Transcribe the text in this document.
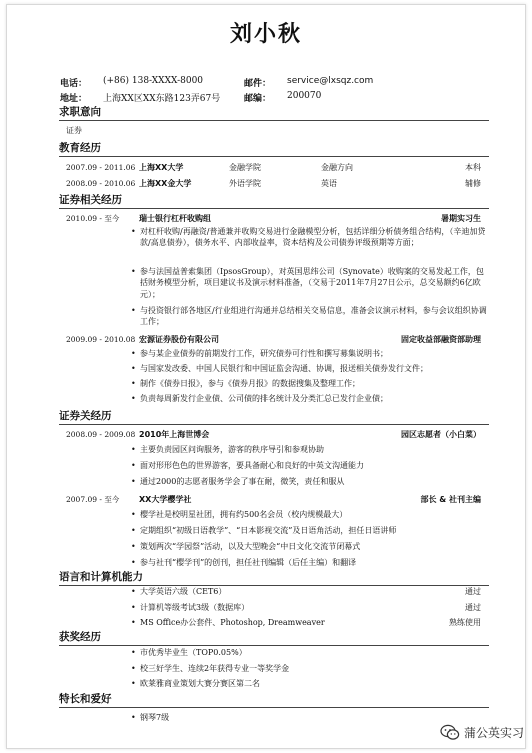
刘小秋
电话： (+86) 138-XXXX-8000	邮件： service@lxsqz.com
地址： 上海XX区XX东路123弄67号	邮编： 200070
求职意向
证券
教育经历
2007.09 - 2011.06 上海XX大学	金融学院	金融方向	本科
2008.09 - 2010.06 上海XX金大学	外语学院	英语	辅修
证券相关经历
2010.09 - 至今 瑞士银行杠杆收购组	暑期实习生
• 对杠杆收购/再融资/普通兼并收购交易进行金融模型分析，包括详细分析债务组合结构，（辛迪加贷款/高息债券），债务水平、内部收益率，资本结构及公司债券评级预期等方面；
• 参与法国益普索集团（IpsosGroup），对英国思纬公司（Synovate）收购案的交易发起工作，包括财务模型分析，项目建议书及演示材料准备，（交易于2011年7月27日公示，总交易额约6亿欧元）；
• 与投资银行部各地区/行业组进行沟通并总结相关交易信息，准备会议演示材料，参与会议组织协调工作；
2009.09 - 2010.08 宏源证券股份有限公司	固定收益部融资部助理
• 参与某企业债券的前期发行工作，研究债券可行性和撰写募集说明书；
• 与国家发改委、中国人民银行和中国证监会沟通、协调，报送相关债券发行文件；
• 制作《债券日报》，参与《债券月报》的数据搜集及整理工作；
• 负责每周新发行企业债、公司债的排名统计及分类汇总已发行企业债；
证券关经历
2008.09 - 2009.08 2010年上海世博会	园区志愿者（小白菜）
• 主要负责园区问询服务，游客的秩序导引和参观协助
• 面对形形色色的世界游客，要具备耐心和良好的中英文沟通能力
• 通过2000的志愿者服务学会了事在耐，微笑，责任和服从
2007.09 - 至今 XX大学樱学社	部长 & 社刊主编
• 樱学社是校明星社团，拥有约500名会员（校内规模最大）
• 定期组织“初级日语教学”、“日本影视交流”及日语角活动，担任日语讲师
• 策划两次“学园祭”活动，以及大型晚会“中日文化交流节闭幕式
• 参与社刊“樱学刊”的创刊，担任社刊编辑（后任主编）和翻译
语言和计算机能力
• 大学英语六级（CET6）	通过
• 计算机等级考试3级（数据库）	通过
• MS Office办公套件、Photoshop, Dreamweaver	熟练使用
获奖经历
• 市优秀毕业生（TOP0.05%）
• 校三好学生、连续2年获得专业一等奖学金
• 欧莱雅商业策划大赛分赛区第二名
特长和爱好
• 钢琴7级
蒲公英实习
